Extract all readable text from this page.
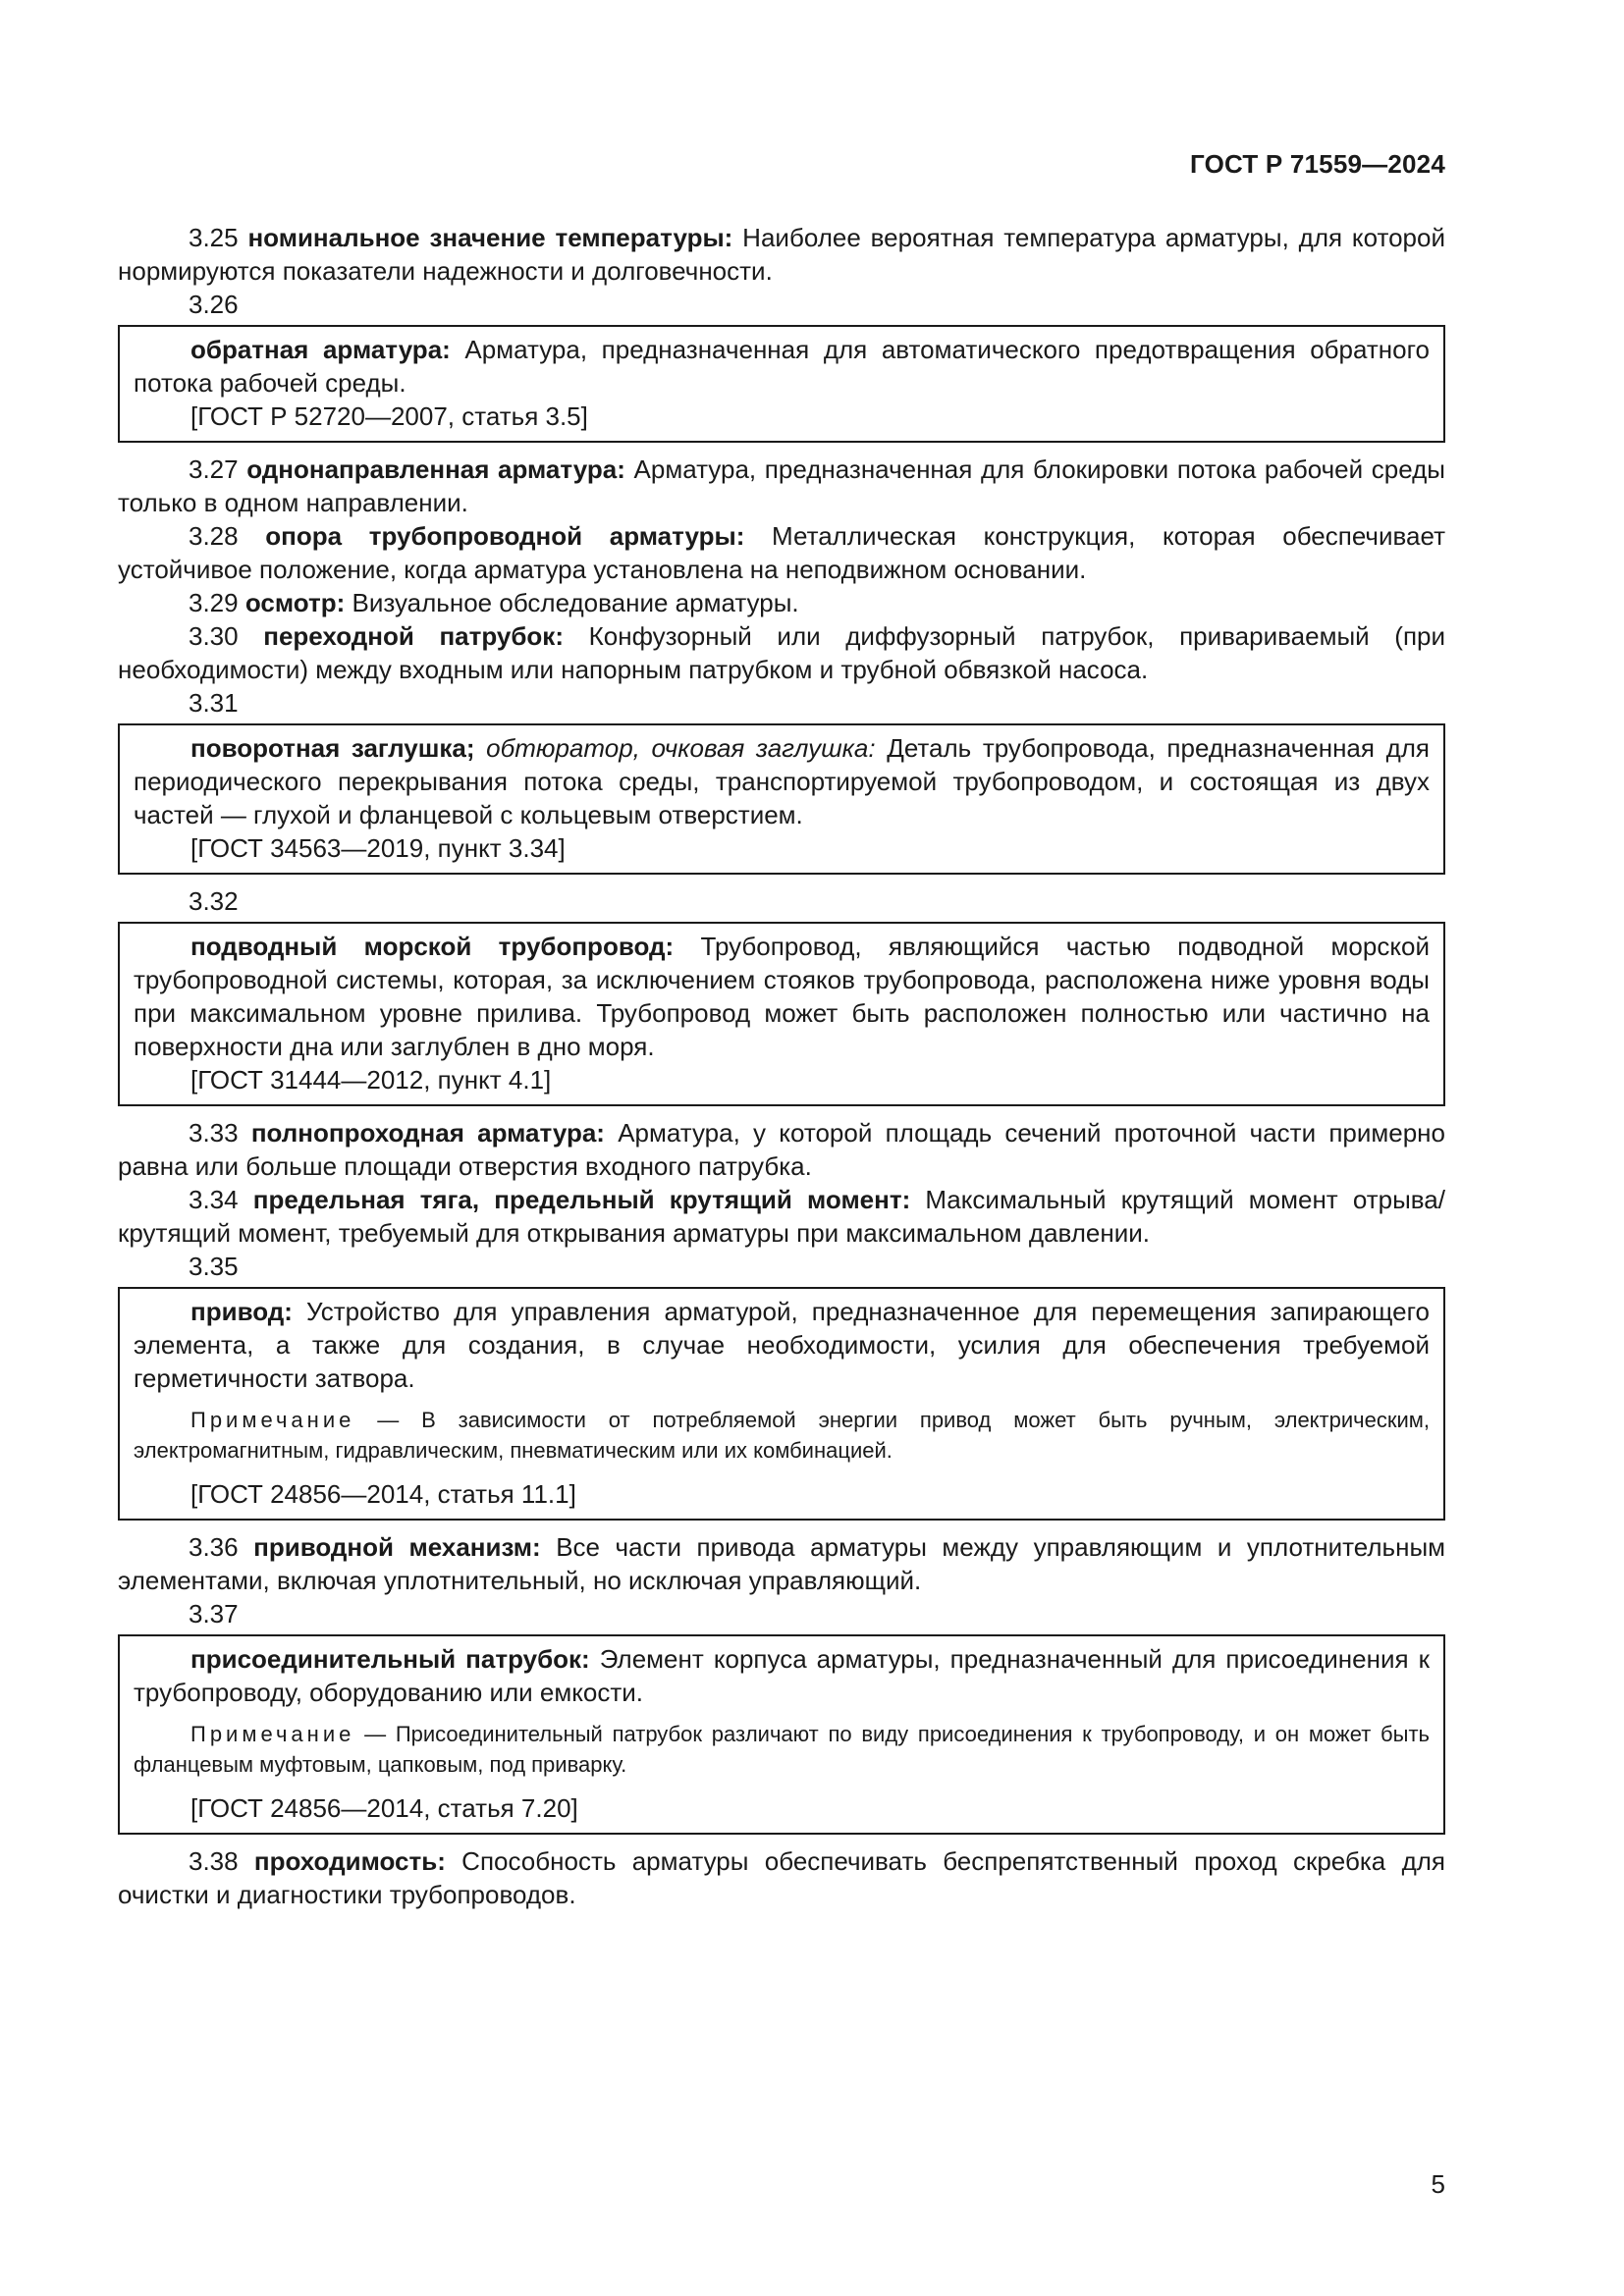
ГОСТ Р 71559—2024

3.25 номинальное значение температуры: Наиболее вероятная температура арматуры, для которой нормируются показатели надежности и долговечности.

3.26

обратная арматура: Арматура, предназначенная для автоматического предотвращения обратного потока рабочей среды.

[ГОСТ Р 52720—2007, статья 3.5]

3.27 однонаправленная арматура: Арматура, предназначенная для блокировки потока рабочей среды только в одном направлении.

3.28 опора трубопроводной арматуры: Металлическая конструкция, которая обеспечивает устойчивое положение, когда арматура установлена на неподвижном основании.

3.29 осмотр: Визуальное обследование арматуры.

3.30 переходной патрубок: Конфузорный или диффузорный патрубок, привариваемый (при необходимости) между входным или напорным патрубком и трубной обвязкой насоса.

3.31

поворотная заглушка; обтюратор, очковая заглушка: Деталь трубопровода, предназначенная для периодического перекрывания потока среды, транспортируемой трубопроводом, и состоящая из двух частей — глухой и фланцевой с кольцевым отверстием.

[ГОСТ 34563—2019, пункт 3.34]

3.32

подводный морской трубопровод: Трубопровод, являющийся частью подводной морской трубопроводной системы, которая, за исключением стояков трубопровода, расположена ниже уровня воды при максимальном уровне прилива. Трубопровод может быть расположен полностью или частично на поверхности дна или заглублен в дно моря.

[ГОСТ 31444—2012, пункт 4.1]

3.33 полнопроходная арматура: Арматура, у которой площадь сечений проточной части примерно равна или больше площади отверстия входного патрубка.

3.34 предельная тяга, предельный крутящий момент: Максимальный крутящий момент отрыва/крутящий момент, требуемый для открывания арматуры при максимальном давлении.

3.35

привод: Устройство для управления арматурой, предназначенное для перемещения запирающего элемента, а также для создания, в случае необходимости, усилия для обеспечения требуемой герметичности затвора.

Примечание — В зависимости от потребляемой энергии привод может быть ручным, электрическим, электромагнитным, гидравлическим, пневматическим или их комбинацией.

[ГОСТ 24856—2014, статья 11.1]

3.36 приводной механизм: Все части привода арматуры между управляющим и уплотнительным элементами, включая уплотнительный, но исключая управляющий.

3.37

присоединительный патрубок: Элемент корпуса арматуры, предназначенный для присоединения к трубопроводу, оборудованию или емкости.

Примечание — Присоединительный патрубок различают по виду присоединения к трубопроводу, и он может быть фланцевым муфтовым, цапковым, под приварку.

[ГОСТ 24856—2014, статья 7.20]

3.38 проходимость: Способность арматуры обеспечивать беспрепятственный проход скребка для очистки и диагностики трубопроводов.

5
